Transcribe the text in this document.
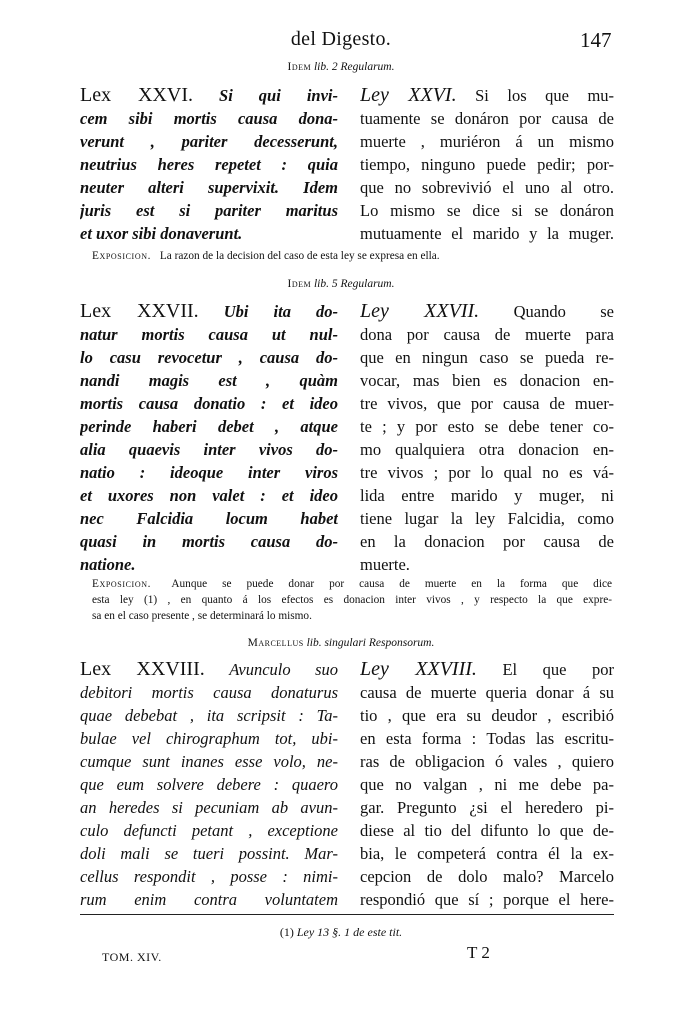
del Digesto.	147
Idem lib. 2 Regularum.
Lex XXVI. Si qui invi-
cem sibi mortis causa dona-
verunt , pariter decesserunt,
neutrius heres repetet : quia
neuter alteri supervixit. Idem
juris est si pariter maritus
et uxor sibi donaverunt.
Ley XXVI. Si los que mu-
tuamente se donáron por causa de
muerte , muriéron á un mismo
tiempo, ninguno puede pedir; por-
que no sobrevivió el uno al otro.
Lo mismo se dice si se donáron
mutuamente el marido y la muger.

Exposicion. La razon de la decision del caso de esta ley se expresa en ella.

Idem lib. 5 Regularum.
Lex XXVII. Ubi ita do-
natur mortis causa ut nul-
lo casu revocetur , causa do-
nandi magis est , quàm
mortis causa donatio : et ideo
perinde haberi debet , atque
alia quaevis inter vivos do-
natio : ideoque inter viros
et uxores non valet : et ideo
nec Falcidia locum habet
quasi in mortis causa do-
natione.
Ley XXVII. Quando se
dona por causa de muerte para
que en ningun caso se pueda re-
vocar, mas bien es donacion en-
tre vivos, que por causa de muer-
te ; y por esto se debe tener co-
mo qualquiera otra donacion en-
tre vivos ; por lo qual no es vá-
lida entre marido y muger, ni
tiene lugar la ley Falcidia, como
en la donacion por causa de
muerte.
Exposicion. Aunque se puede donar por causa de muerte en la forma que dice
esta ley (1) , en quanto á los efectos es donacion inter vivos , y respecto la que expre-
sa en el caso presente , se determinará lo mismo.
Marcellus lib. singulari Responsorum.
Lex XXVIII. Avunculo suo
debitori mortis causa donaturus
quae debebat , ita scripsit : Ta-
bulae vel chirographum tot, ubi-
cumque sunt inanes esse volo, ne-
que eum solvere debere : quaero
an heredes si pecuniam ab avun-
culo defuncti petant , exceptione
doli mali se tueri possint. Mar-
cellus respondit , posse : nimi-
rum enim contra voluntatem
Ley XXVIII. El que por
causa de muerte queria donar á su
tio , que era su deudor , escribió
en esta forma : Todas las escritu-
ras de obligacion ó vales , quiero
que no valgan , ni me debe pa-
gar. Pregunto ¿si el heredero pi-
diese al tio del difunto lo que de-
bia, le competerá contra él la ex-
cepcion de dolo malo? Marcelo
respondió que sí ; porque el here-
(1) Ley 13 §. 1 de este tit.
TOM. XIV.	T 2
